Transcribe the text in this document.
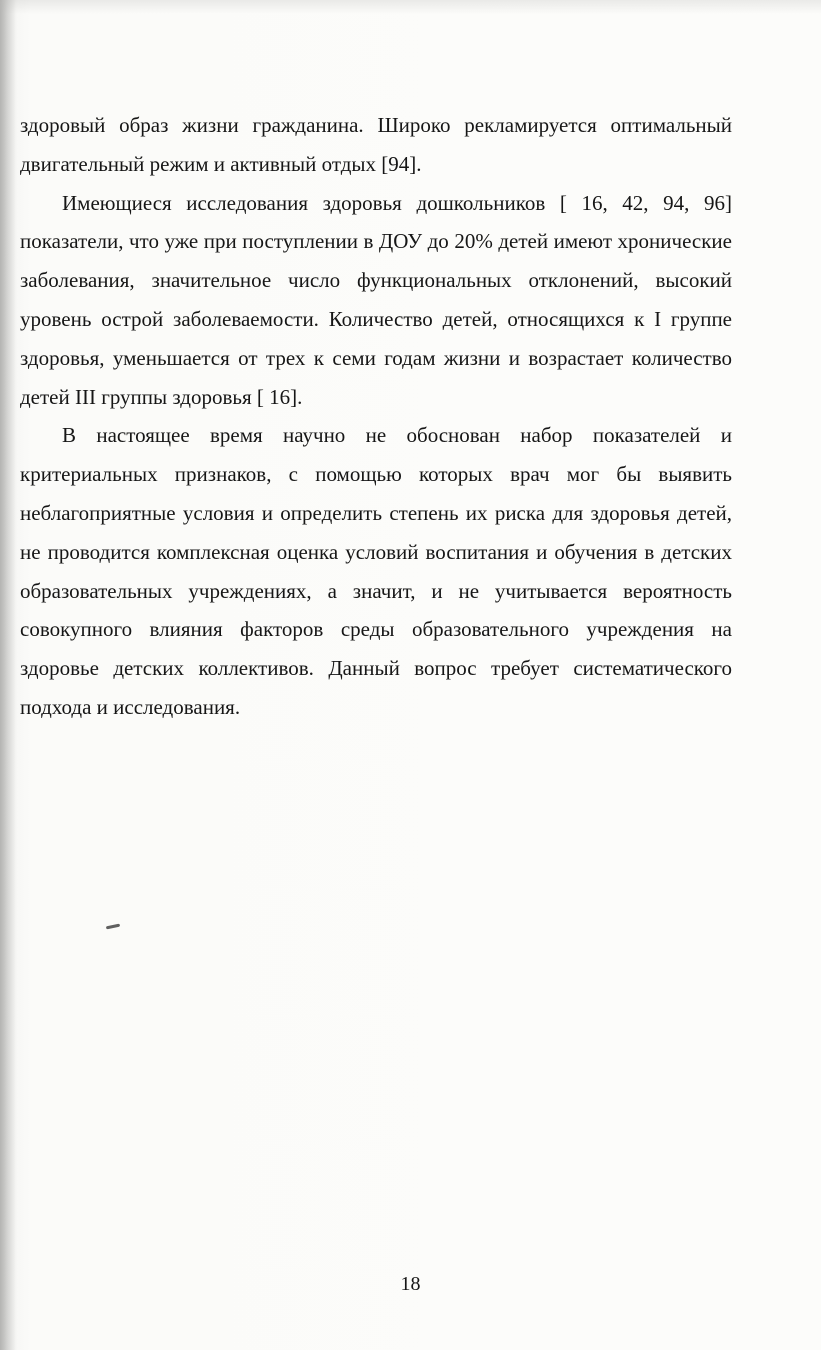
здоровый образ жизни гражданина. Широко рекламируется оптимальный двигательный режим и активный отдых [94].

Имеющиеся исследования здоровья дошкольников [ 16, 42, 94, 96] показатели, что уже при поступлении в ДОУ до 20% детей имеют хронические заболевания, значительное число функциональных отклонений, высокий уровень острой заболеваемости. Количество детей, относящихся к I группе здоровья, уменьшается от трех к семи годам жизни и возрастает количество детей III группы здоровья [ 16].

В настоящее время научно не обоснован набор показателей и критериальных признаков, с помощью которых врач мог бы выявить неблагоприятные условия и определить степень их риска для здоровья детей, не проводится комплексная оценка условий воспитания и обучения в детских образовательных учреждениях, а значит, и не учитывается вероятность совокупного влияния факторов среды образовательного учреждения на здоровье детских коллективов. Данный вопрос требует систематического подхода и исследования.

18
